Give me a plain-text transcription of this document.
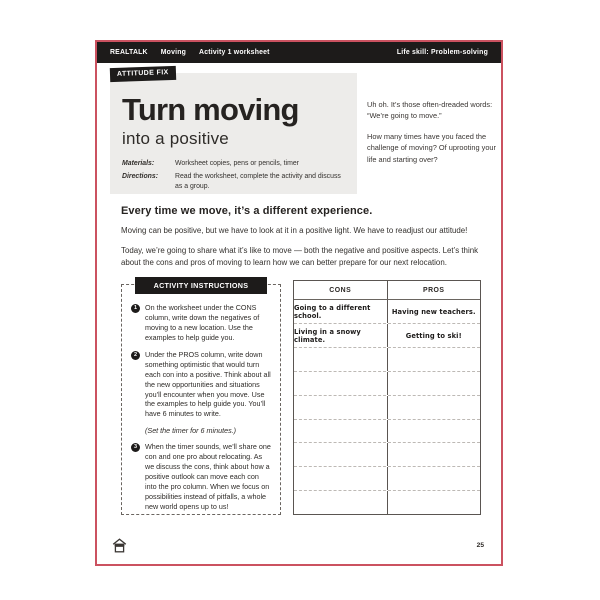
REALTALK Moving Activity 1 worksheet	Life skill: Problem-solving
ATTITUDE FIX
Turn moving
into a positive
Materials:	Worksheet copies, pens or pencils, timer
Directions:	Read the worksheet, complete the activity and discuss as a group.

Uh oh. It’s those often-dreaded words: “We’re going to move.”

How many times have you faced the challenge of moving? Of uprooting your life and starting over?

Every time we move, it’s a different experience.

Moving can be positive, but we have to look at it in a positive light. We have to readjust our attitude!

Today, we’re going to share what it’s like to move — both the negative and positive aspects. Let’s think about the cons and pros of moving to learn how we can better prepare for our next relocation.

ACTIVITY INSTRUCTIONS
1	On the worksheet under the CONS column, write down the negatives of moving to a new location. Use the examples to help guide you.
2	Under the PROS column, write down something optimistic that would turn each con into a positive. Think about all the new opportunities and situations you’ll encounter when you move. Use the examples to help guide you. You’ll have 6 minutes to write.
(Set the timer for 6 minutes.)
3	When the timer sounds, we’ll share one con and one pro about relocating. As we discuss the cons, think about how a positive outlook can move each con into the pro column. When we focus on possibilities instead of pitfalls, a whole new world opens up to us!
CONS	PROS
Going to a different school.	Having new teachers.
Living in a snowy climate.	Getting to ski!
25
